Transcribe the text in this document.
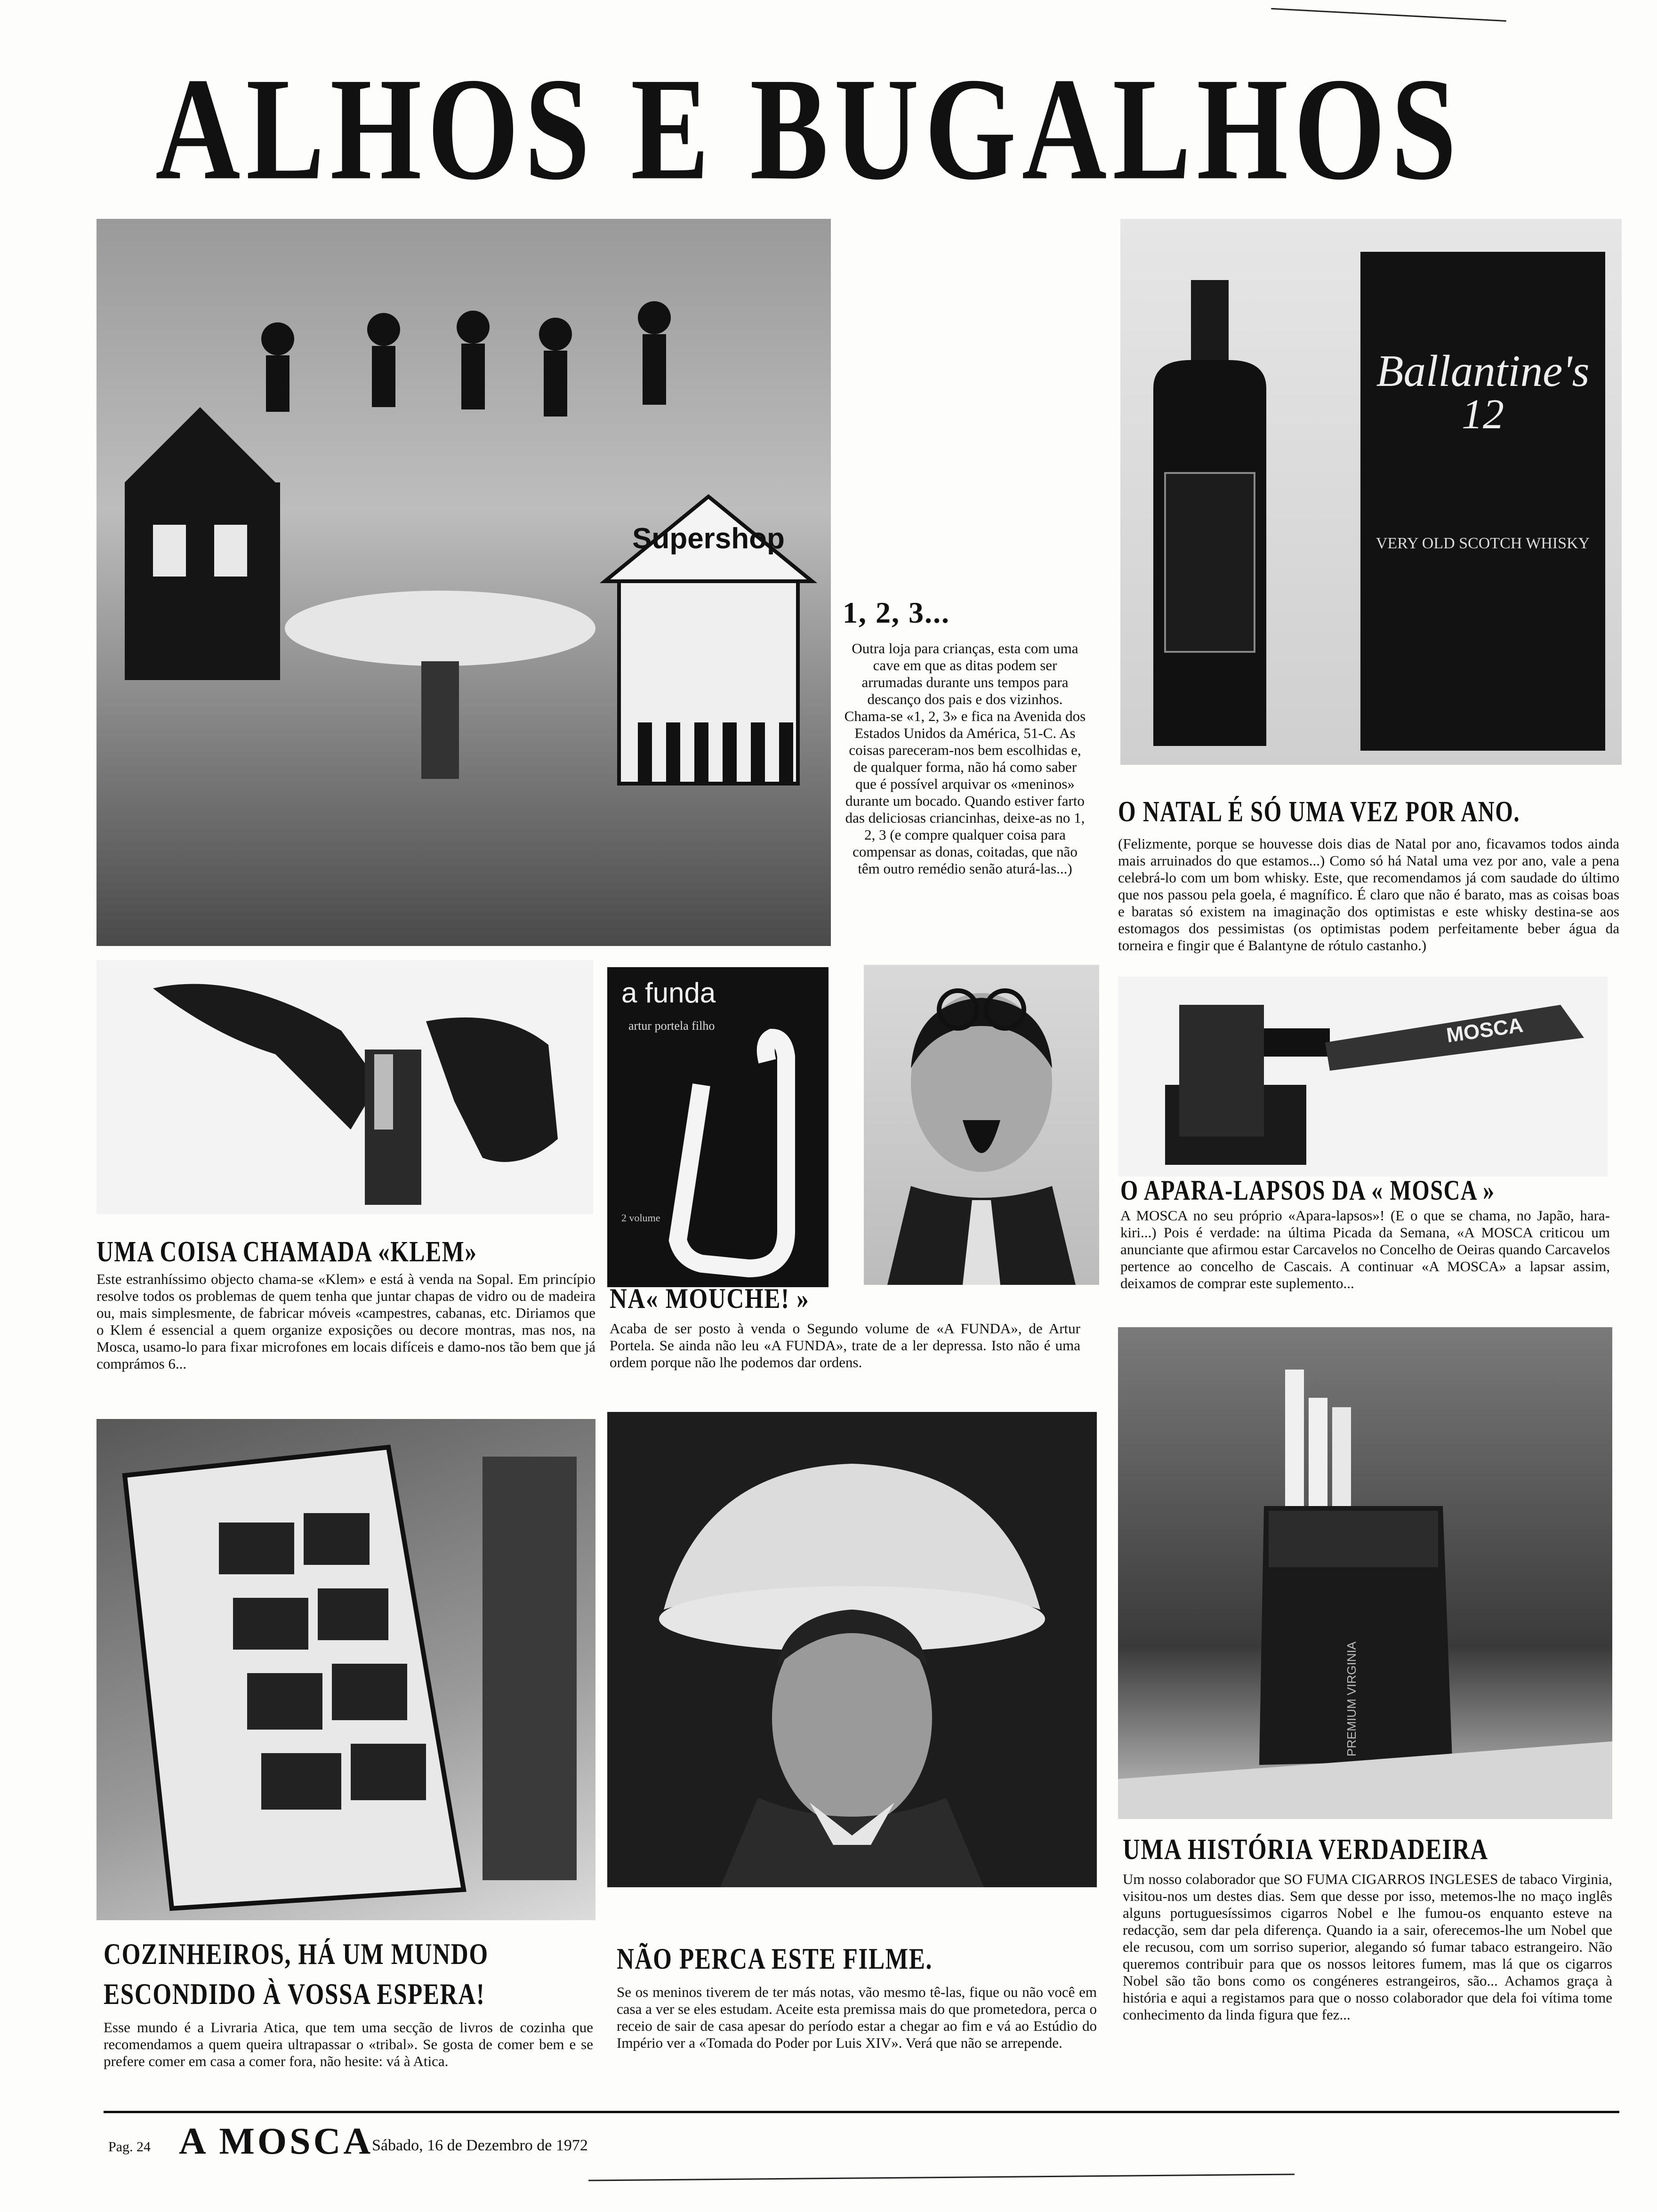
ALHOS E BUGALHOS
Supershop
1, 2, 3...
Outra loja para crianças, esta com uma cave em que as ditas podem ser arrumadas durante uns tempos para descanço dos pais e dos vizinhos. Chama-se «1, 2, 3» e fica na Avenida dos Estados Unidos da América, 51-C. As coisas pareceram-nos bem escolhidas e, de qualquer forma, não há como saber que é possível arquivar os «meninos» durante um bocado. Quando estiver farto das deliciosas criancinhas, deixe-as no 1, 2, 3 (e compre qualquer coisa para compensar as donas, coitadas, que não têm outro remédio senão aturá-las...)
Ballantine's
12
VERY OLD SCOTCH WHISKY
O NATAL É SÓ UMA VEZ POR ANO.
(Felizmente, porque se houvesse dois dias de Natal por ano, ficavamos todos ainda mais arruinados do que estamos...) Como só há Natal uma vez por ano, vale a pena celebrá-lo com um bom whisky. Este, que recomendamos já com saudade do último que nos passou pela goela, é magnífico. É claro que não é barato, mas as coisas boas e baratas só existem na imaginação dos optimistas e este whisky destina-se aos estomagos dos pessimistas (os optimistas podem perfeitamente beber água da torneira e fingir que é Balantyne de rótulo castanho.)
UMA COISA CHAMADA «KLEM»
Este estranhíssimo objecto chama-se «Klem» e está à venda na Sopal. Em princípio resolve todos os problemas de quem tenha que juntar chapas de vidro ou de madeira ou, mais simplesmente, de fabricar móveis «campestres, cabanas, etc. Diriamos que o Klem é essencial a quem organize exposições ou decore montras, mas nos, na Mosca, usamo-lo para fixar microfones em locais difíceis e damo-nos tão bem que já comprámos 6...
a funda
artur portela filho
2 volume
NA« MOUCHE! »
Acaba de ser posto à venda o Segundo volume de «A FUNDA», de Artur Portela. Se ainda não leu «A FUNDA», trate de a ler depressa. Isto não é uma ordem porque não lhe podemos dar ordens.
MOSCA
O APARA-LAPSOS DA « MOSCA »
A MOSCA no seu próprio «Apara-lapsos»! (E o que se chama, no Japão, hara-kiri...) Pois é verdade: na última Picada da Semana, «A MOSCA criticou um anunciante que afirmou estar Carcavelos no Concelho de Oeiras quando Carcavelos pertence ao concelho de Cascais. A continuar «A MOSCA» a lapsar assim, deixamos de comprar este suplemento...
COZINHEIROS, HÁ UM MUNDO
ESCONDIDO À VOSSA ESPERA!
Esse mundo é a Livraria Atica, que tem uma secção de livros de cozinha que recomendamos a quem queira ultrapassar o «tribal». Se gosta de comer bem e se prefere comer em casa a comer fora, não hesite: vá à Atica.
NÃO PERCA ESTE FILME.
Se os meninos tiverem de ter más notas, vão mesmo tê-las, fique ou não você em casa a ver se eles estudam. Aceite esta premissa mais do que prometedora, perca o receio de sair de casa apesar do período estar a chegar ao fim e vá ao Estúdio do Império ver a «Tomada do Poder por Luis XIV». Verá que não se arrepende.
PREMIUM VIRGINIA
UMA HISTÓRIA VERDADEIRA
Um nosso colaborador que SO FUMA CIGARROS INGLESES de tabaco Virginia, visitou-nos um destes dias. Sem que desse por isso, metemos-lhe no maço inglês alguns portuguesíssimos cigarros Nobel e lhe fumou-os enquanto esteve na redacção, sem dar pela diferença. Quando ia a sair, oferecemos-lhe um Nobel que ele recusou, com um sorriso superior, alegando só fumar tabaco estrangeiro. Não queremos contribuir para que os nossos leitores fumem, mas lá que os cigarros Nobel são tão bons como os congéneres estrangeiros, são... Achamos graça à história e aqui a registamos para que o nosso colaborador que dela foi vítima tome conhecimento da linda figura que fez...
Pag. 24 A MOSCA
Sábado, 16 de Dezembro de 1972
